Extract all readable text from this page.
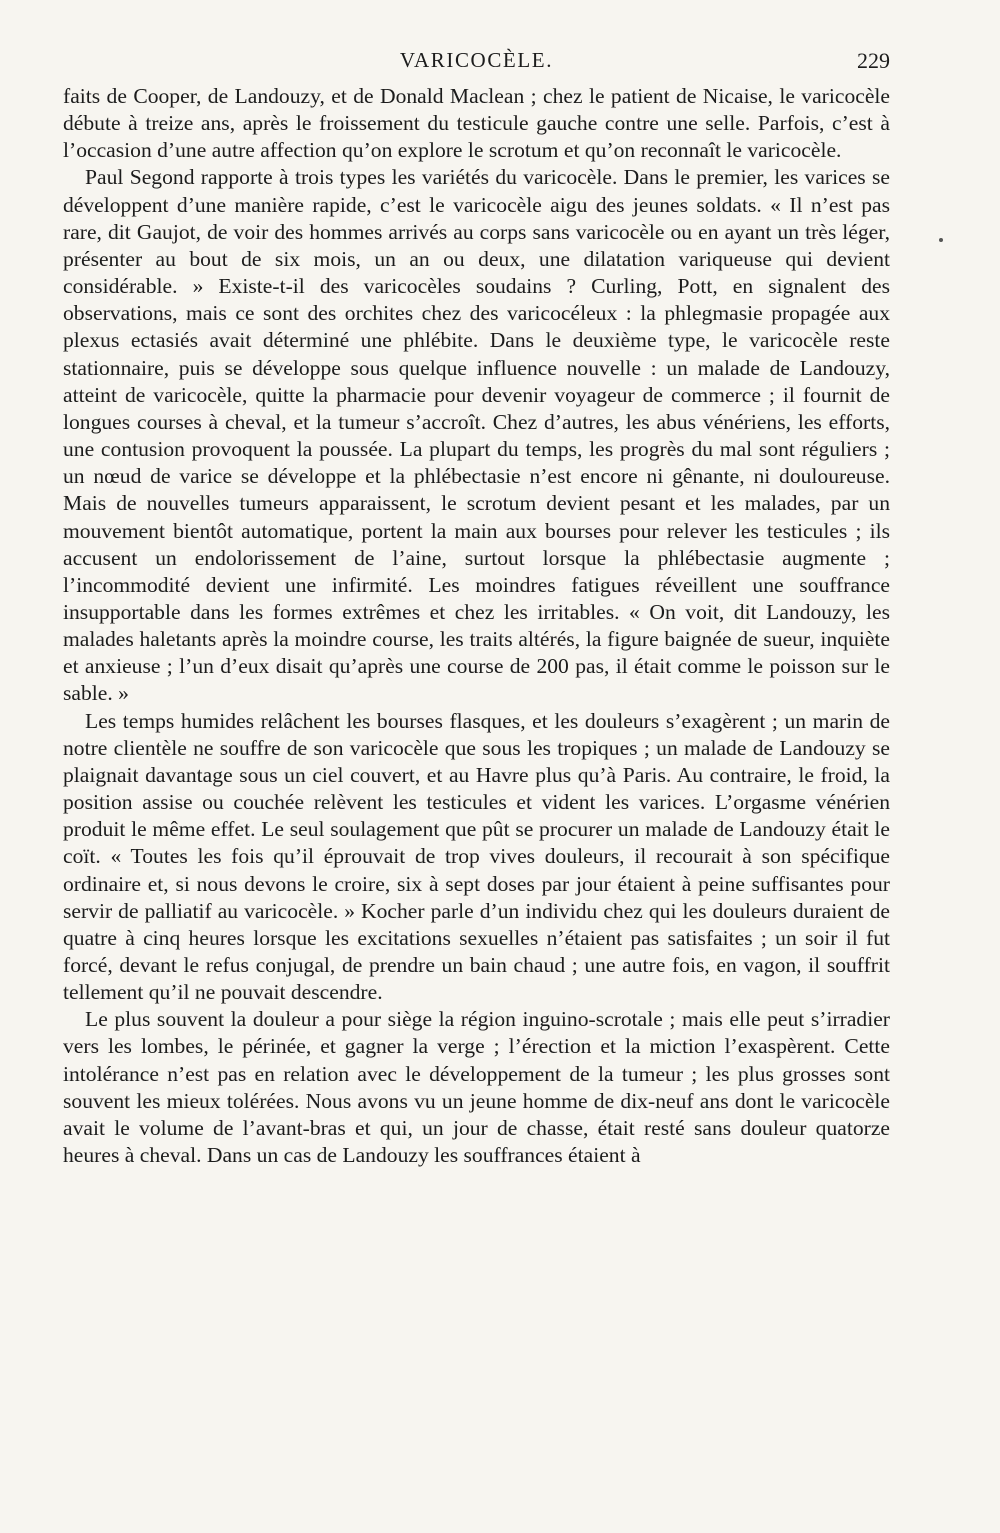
VARICOCÈLE.	229

faits de Cooper, de Landouzy, et de Donald Maclean ; chez le patient de Nicaise, le varicocèle débute à treize ans, après le froissement du testicule gauche contre une selle. Parfois, c’est à l’occasion d’une autre affection qu’on explore le scrotum et qu’on reconnaît le varicocèle.

Paul Segond rapporte à trois types les variétés du varicocèle. Dans le premier, les varices se développent d’une manière rapide, c’est le varicocèle aigu des jeunes soldats. « Il n’est pas rare, dit Gaujot, de voir des hommes arrivés au corps sans varicocèle ou en ayant un très léger, présenter au bout de six mois, un an ou deux, une dilatation variqueuse qui devient considérable. » Existe-t-il des varicocèles soudains ? Curling, Pott, en signalent des observations, mais ce sont des orchites chez des varicocéleux : la phlegmasie propagée aux plexus ectasiés avait déterminé une phlébite. Dans le deuxième type, le varicocèle reste stationnaire, puis se développe sous quelque influence nouvelle : un malade de Landouzy, atteint de varicocèle, quitte la pharmacie pour devenir voyageur de commerce ; il fournit de longues courses à cheval, et la tumeur s’accroît. Chez d’autres, les abus vénériens, les efforts, une contusion provoquent la poussée. La plupart du temps, les progrès du mal sont réguliers ; un nœud de varice se développe et la phlébectasie n’est encore ni gênante, ni douloureuse. Mais de nouvelles tumeurs apparaissent, le scrotum devient pesant et les malades, par un mouvement bientôt automatique, portent la main aux bourses pour relever les testicules ; ils accusent un endolorissement de l’aine, surtout lorsque la phlébectasie augmente ; l’incommodité devient une infirmité. Les moindres fatigues réveillent une souffrance insupportable dans les formes extrêmes et chez les irritables. « On voit, dit Landouzy, les malades haletants après la moindre course, les traits altérés, la figure baignée de sueur, inquiète et anxieuse ; l’un d’eux disait qu’après une course de 200 pas, il était comme le poisson sur le sable. »

Les temps humides relâchent les bourses flasques, et les douleurs s’exagèrent ; un marin de notre clientèle ne souffre de son varicocèle que sous les tropiques ; un malade de Landouzy se plaignait davantage sous un ciel couvert, et au Havre plus qu’à Paris. Au contraire, le froid, la position assise ou couchée relèvent les testicules et vident les varices. L’orgasme vénérien produit le même effet. Le seul soulagement que pût se procurer un malade de Landouzy était le coït. « Toutes les fois qu’il éprouvait de trop vives douleurs, il recourait à son spécifique ordinaire et, si nous devons le croire, six à sept doses par jour étaient à peine suffisantes pour servir de palliatif au varicocèle. » Kocher parle d’un individu chez qui les douleurs duraient de quatre à cinq heures lorsque les excitations sexuelles n’étaient pas satisfaites ; un soir il fut forcé, devant le refus conjugal, de prendre un bain chaud ; une autre fois, en vagon, il souffrit tellement qu’il ne pouvait descendre.

Le plus souvent la douleur a pour siège la région inguino-scrotale ; mais elle peut s’irradier vers les lombes, le périnée, et gagner la verge ; l’érection et la miction l’exaspèrent. Cette intolérance n’est pas en relation avec le développement de la tumeur ; les plus grosses sont souvent les mieux tolérées. Nous avons vu un jeune homme de dix-neuf ans dont le varicocèle avait le volume de l’avant-bras et qui, un jour de chasse, était resté sans douleur quatorze heures à cheval. Dans un cas de Landouzy les souffrances étaient à
